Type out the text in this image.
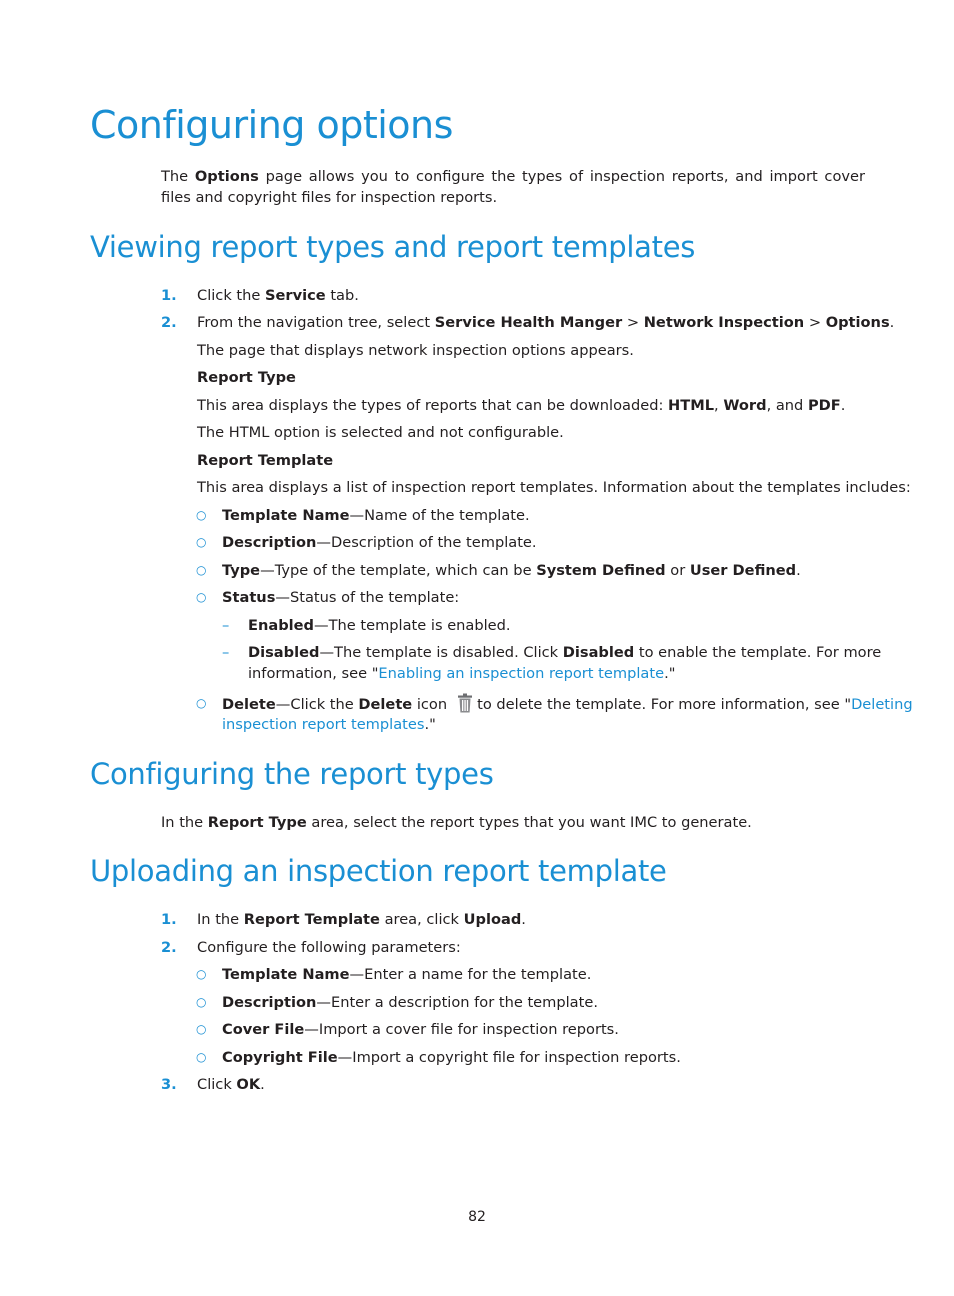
Configuring options
The Options page allows you to configure the types of inspection reports, and import cover files and copyright files for inspection reports.
Viewing report types and report templates
1. Click the Service tab.
2. From the navigation tree, select Service Health Manger > Network Inspection > Options.
The page that displays network inspection options appears.
Report Type
This area displays the types of reports that can be downloaded: HTML, Word, and PDF.
The HTML option is selected and not configurable.
Report Template
This area displays a list of inspection report templates. Information about the templates includes:
○ Template Name—Name of the template.
○ Description—Description of the template.
○ Type—Type of the template, which can be System Defined or User Defined.
○ Status—Status of the template:
– Enabled—The template is enabled.
– Disabled—The template is disabled. Click Disabled to enable the template. For more
information, see "Enabling an inspection report template."
○ Delete—Click the Delete icon to delete the template. For more information, see "Deleting
inspection report templates."
Configuring the report types
In the Report Type area, select the report types that you want IMC to generate.
Uploading an inspection report template
1. In the Report Template area, click Upload.
2. Configure the following parameters:
○ Template Name—Enter a name for the template.
○ Description—Enter a description for the template.
○ Cover File—Import a cover file for inspection reports.
○ Copyright File—Import a copyright file for inspection reports.
3. Click OK.
82
